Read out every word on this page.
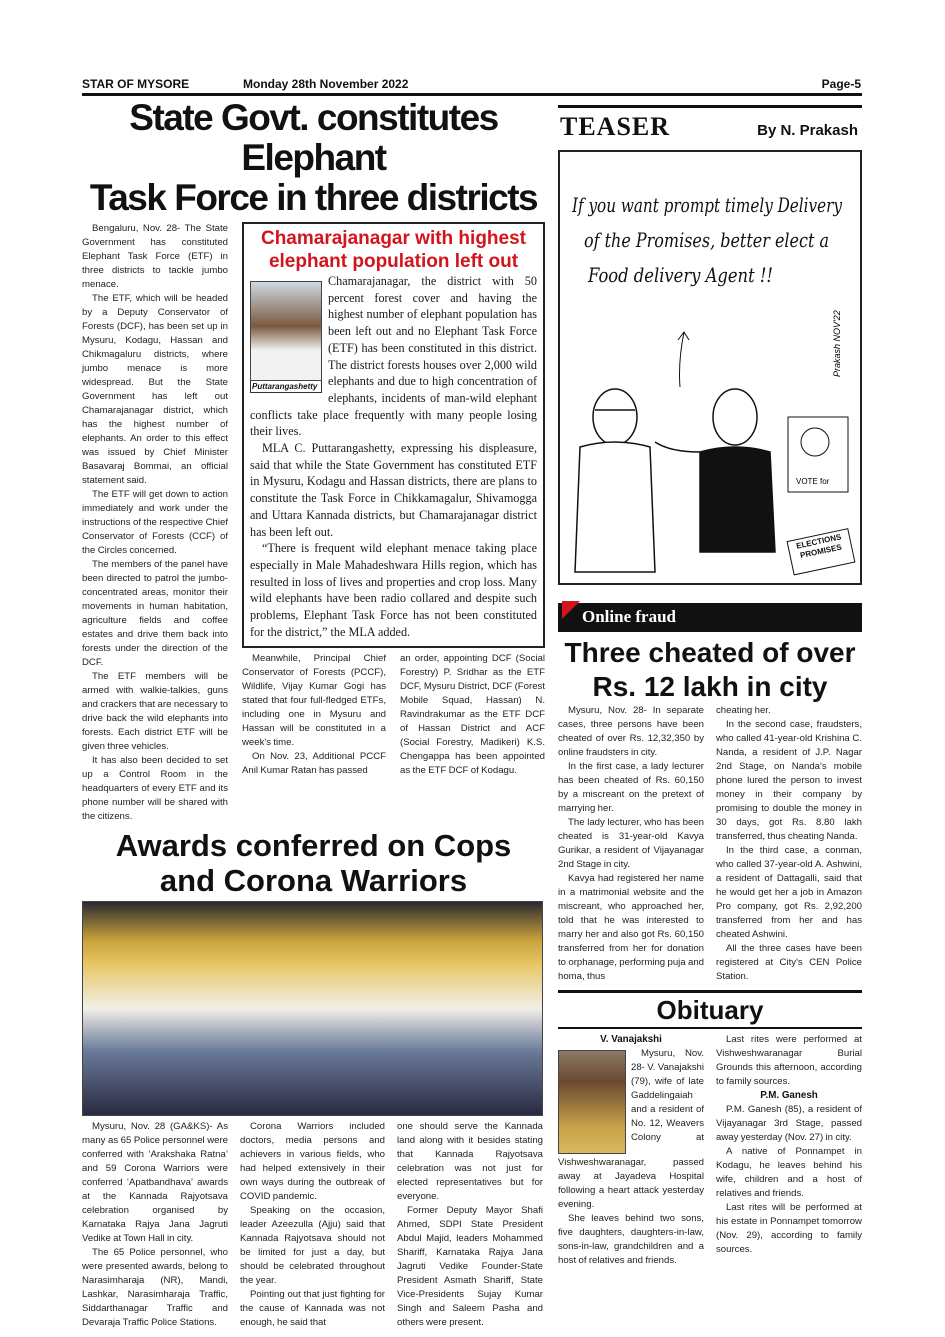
STAR OF MYSORE	Monday 28th November 2022	Page-5
State Govt. constitutes Elephant
Task Force in three districts

Bengaluru, Nov. 28- The State Government has constituted Elephant Task Force (ETF) in three districts to tackle jumbo menace.

The ETF, which will be headed by a Deputy Conservator of Forests (DCF), has been set up in Mysuru, Kodagu, Hassan and Chikmagaluru districts, where jumbo menace is more widespread. But the State Government has left out Chamarajanagar district, which has the highest number of elephants. An order to this effect was issued by Chief Minister Basavaraj Bommai, an official statement said.

The ETF will get down to action immediately and work under the instructions of the respective Chief Conservator of Forests (CCF) of the Circles concerned.

The members of the panel have been directed to patrol the jumbo-concentrated areas, monitor their movements in human habitation, agriculture fields and coffee estates and drive them back into forests under the direction of the DCF.

The ETF members will be armed with walkie-talkies, guns and crackers that are necessary to drive back the wild elephants into forests. Each district ETF will be given three vehicles.

It has also been decided to set up a Control Room in the headquarters of every ETF and its phone number will be shared with the citizens.

Chamarajanagar with highest elephant population left out
Puttarangashetty

Chamarajanagar, the district with 50 percent forest cover and having the highest number of elephant population has been left out and no Elephant Task Force (ETF) has been constituted in this district. The district forests houses over 2,000 wild elephants and due to high concentration of elephants, incidents of man-wild elephant conflicts take place frequently with many people losing their lives.

MLA C. Puttarangashetty, expressing his displeasure, said that while the State Government has constituted ETF in Mysuru, Kodagu and Hassan districts, there are plans to constitute the Task Force in Chikkamagalur, Shivamogga and Uttara Kannada districts, but Chamarajanagar district has been left out.

“There is frequent wild elephant menace taking place especially in Male Mahadeshwara Hills region, which has resulted in loss of lives and properties and crop loss. Many wild elephants have been radio collared and despite such problems, Elephant Task Force has not been constituted for the district,” the MLA added.

Meanwhile, Principal Chief Conservator of Forests (PCCF), Wildlife, Vijay Kumar Gogi has stated that four full-fledged ETFs, including one in Mysuru and Hassan will be constituted in a week's time.

On Nov. 23, Additional PCCF Anil Kumar Ratan has passed

an order, appointing DCF (Social Forestry) P. Sridhar as the ETF DCF, Mysuru District, DCF (Forest Mobile Squad, Hassan) N. Ravindrakumar as the ETF DCF of Hassan District and ACF (Social Forestry, Madikeri) K.S. Chengappa has been appointed as the ETF DCF of Kodagu.

Awards conferred on Cops
and Corona Warriors

Mysuru, Nov. 28 (GA&KS)- As many as 65 Police personnel were conferred with ‘Arakshaka Ratna’ and 59 Corona Warriors were conferred ‘Apatbandhava’ awards at the Kannada Rajyotsava celebration organised by Karnataka Rajya Jana Jagruti Vedike at Town Hall in city.

The 65 Police personnel, who were presented awards, belong to Narasimharaja (NR), Mandi, Lashkar, Narasimharaja Traffic, Siddarthanagar Traffic and Devaraja Traffic Police Stations.

Corona Warriors included doctors, media persons and achievers in various fields, who had helped extensively in their own ways during the outbreak of COVID pandemic.

Speaking on the occasion, leader Azeezulla (Ajju) said that Kannada Rajyotsava should not be limited for just a day, but should be celebrated throughout the year.

Pointing out that just fighting for the cause of Kannada was not enough, he said that

one should serve the Kannada land along with it besides stating that Kannada Rajyotsava celebration was not just for elected representatives but for everyone.

Former Deputy Mayor Shafi Ahmed, SDPI State President Abdul Majid, leaders Mohammed Shariff, Karnataka Rajya Jana Jagruti Vedike Founder-State President Asmath Shariff, State Vice-Presidents Sujay Kumar Singh and Saleem Pasha and others were present.

TEASER	By N. Prakash
If you want prompt timely Delivery
of the Promises, better elect a
Food delivery Agent !!
Prakash NOV'22
VOTE for
ELECTIONS PROMISES
Online fraud
Three cheated of over
Rs. 12 lakh in city

Mysuru, Nov. 28- In separate cases, three persons have been cheated of over Rs. 12,32,350 by online fraudsters in city.

In the first case, a lady lecturer has been cheated of Rs. 60,150 by a miscreant on the pretext of marrying her.

The lady lecturer, who has been cheated is 31-year-old Kavya Gurikar, a resident of Vijayanagar 2nd Stage in city.

Kavya had registered her name in a matrimonial website and the miscreant, who approached her, told that he was interested to marry her and also got Rs. 60,150 transferred from her for donation to orphanage, performing puja and homa, thus

cheating her.

In the second case, fraudsters, who called 41-year-old Krishina C. Nanda, a resident of J.P. Nagar 2nd Stage, on Nanda's mobile phone lured the person to invest money in their company by promising to double the money in 30 days, got Rs. 8.80 lakh transferred, thus cheating Nanda.

In the third case, a conman, who called 37-year-old A. Ashwini, a resident of Dattagalli, said that he would get her a job in Amazon Pro company, got Rs. 2,92,200 transferred from her and has cheated Ashwini.

All the three cases have been registered at City's CEN Police Station.

Obituary
V. Vanajakshi

Mysuru, Nov. 28- V. Vanajakshi (79), wife of late Gaddelingaiah and a resident of No. 12, Weavers Colony at Vishweshwaranagar, passed away at Jayadeva Hospital following a heart attack yesterday evening.

She leaves behind two sons, five daughters, daughters-in-law, sons-in-law, grandchildren and a host of relatives and friends.

Last rites were performed at Vishweshwaranagar Burial Grounds this afternoon, according to family sources.

P.M. Ganesh

P.M. Ganesh (85), a resident of Vijayanagar 3rd Stage, passed away yesterday (Nov. 27) in city.

A native of Ponnampet in Kodagu, he leaves behind his wife, children and a host of relatives and friends.

Last rites will be performed at his estate in Ponnampet tomorrow (Nov. 29), according to family sources.
